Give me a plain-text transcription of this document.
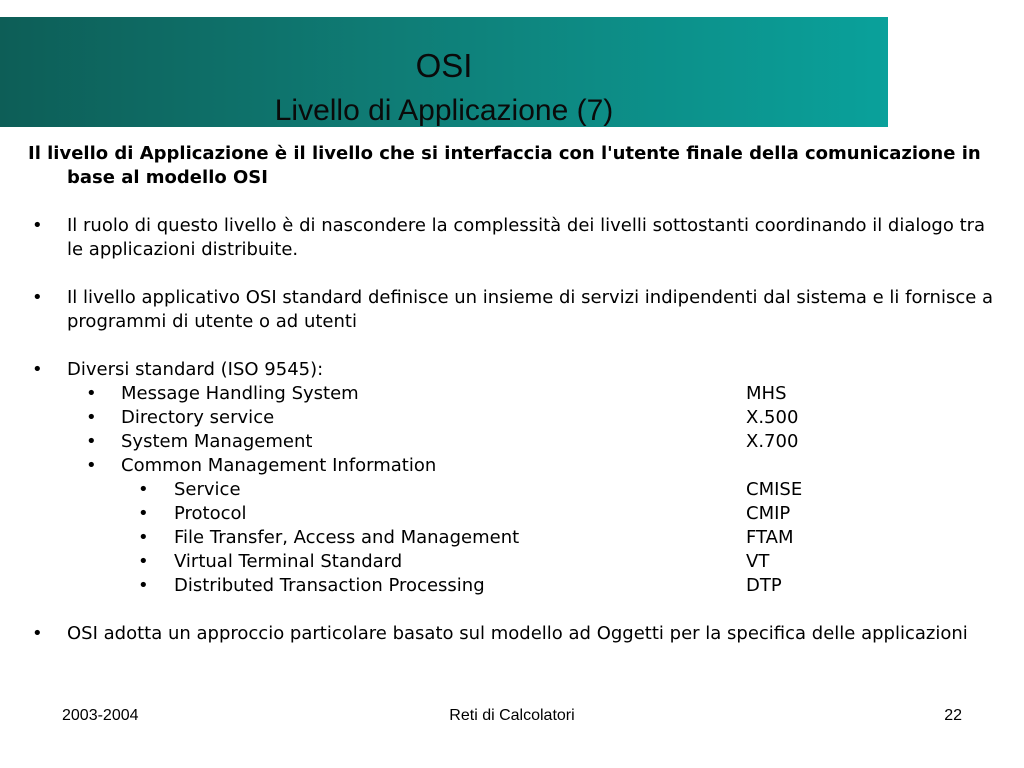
OSI
Livello di Applicazione (7)

Il livello di Applicazione è il livello che si interfaccia con l'utente finale della comunicazione in base al modello OSI

• Il ruolo di questo livello è di nascondere la complessità dei livelli sottostanti coordinando il dialogo tra le applicazioni distribuite.

• Il livello applicativo OSI standard definisce un insieme di servizi indipendenti dal sistema e li fornisce a programmi di utente o ad utenti

• Diversi standard (ISO 9545):

• Message Handling System	MHS
• Directory service	X.500
• System Management	X.700
• Common Management Information
• Service	CMISE
• Protocol	CMIP
• File Transfer, Access and Management	FTAM
• Virtual Terminal Standard	VT
• Distributed Transaction Processing	DTP

• OSI adotta un approccio particolare basato sul modello ad Oggetti per la specifica delle applicazioni

2003-2004	Reti di Calcolatori	22
